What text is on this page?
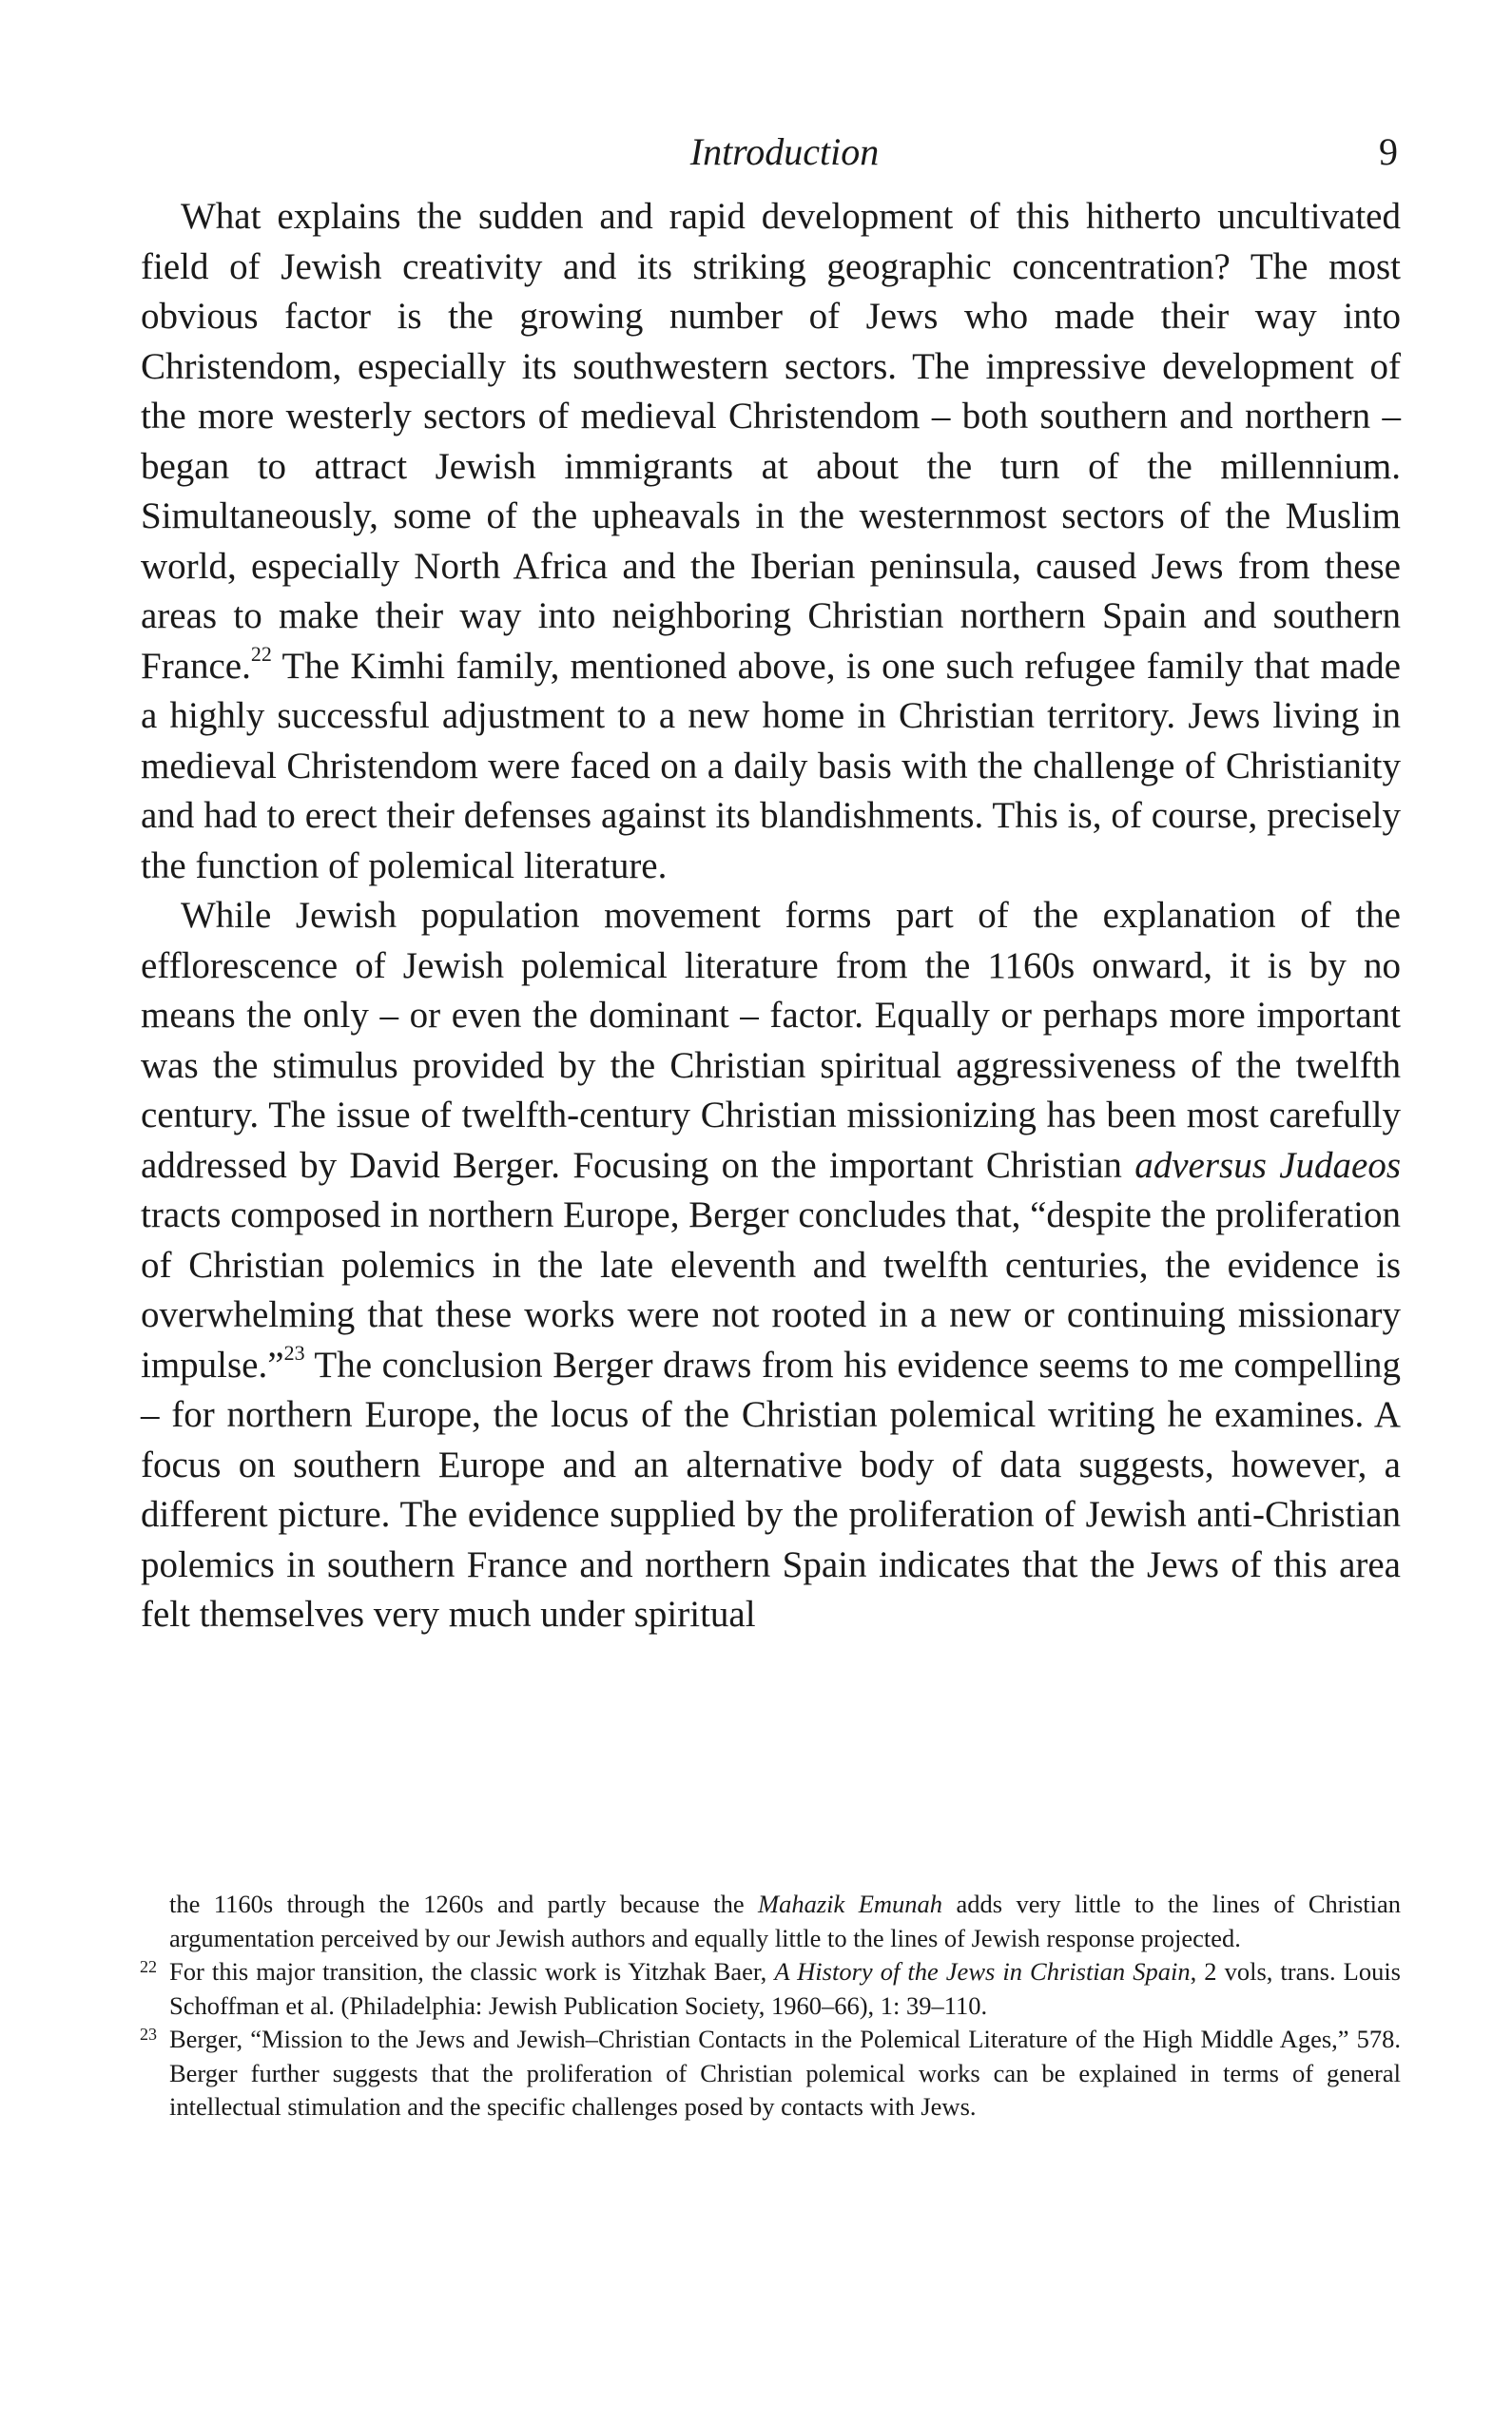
Introduction	9

What explains the sudden and rapid development of this hitherto uncultivated field of Jewish creativity and its striking geographic concentration? The most obvious factor is the growing number of Jews who made their way into Christendom, especially its southwestern sectors. The impressive development of the more westerly sectors of medieval Christendom – both southern and northern – began to attract Jewish immigrants at about the turn of the millennium. Simultaneously, some of the upheavals in the westernmost sectors of the Muslim world, especially North Africa and the Iberian peninsula, caused Jews from these areas to make their way into neighboring Christian northern Spain and southern France.$^{22}$ The Kimhi family, mentioned above, is one such refugee family that made a highly successful adjustment to a new home in Christian territory. Jews living in medieval Christendom were faced on a daily basis with the challenge of Christianity and had to erect their defenses against its blandishments. This is, of course, precisely the function of polemical literature.

While Jewish population movement forms part of the explanation of the efflorescence of Jewish polemical literature from the 1160s onward, it is by no means the only – or even the dominant – factor. Equally or perhaps more important was the stimulus provided by the Christian spiritual aggressiveness of the twelfth century. The issue of twelfth-century Christian missionizing has been most carefully addressed by David Berger. Focusing on the important Christian adversus Judaeos tracts composed in northern Europe, Berger concludes that, “despite the proliferation of Christian polemics in the late eleventh and twelfth centuries, the evidence is overwhelming that these works were not rooted in a new or continuing missionary impulse.”$^{23}$ The conclusion Berger draws from his evidence seems to me compelling – for northern Europe, the locus of the Christian polemical writing he examines. A focus on southern Europe and an alternative body of data suggests, however, a different picture. The evidence supplied by the proliferation of Jewish anti-Christian polemics in southern France and northern Spain indicates that the Jews of this area felt themselves very much under spiritual

the 1160s through the 1260s and partly because the Mahazik Emunah adds very little to the lines of Christian argumentation perceived by our Jewish authors and equally little to the lines of Jewish response projected.

22 For this major transition, the classic work is Yitzhak Baer, A History of the Jews in Christian Spain, 2 vols, trans. Louis Schoffman et al. (Philadelphia: Jewish Publication Society, 1960–66), 1: 39–110.

23 Berger, “Mission to the Jews and Jewish–Christian Contacts in the Polemical Literature of the High Middle Ages,” 578. Berger further suggests that the proliferation of Christian polemical works can be explained in terms of general intellectual stimulation and the specific challenges posed by contacts with Jews.
